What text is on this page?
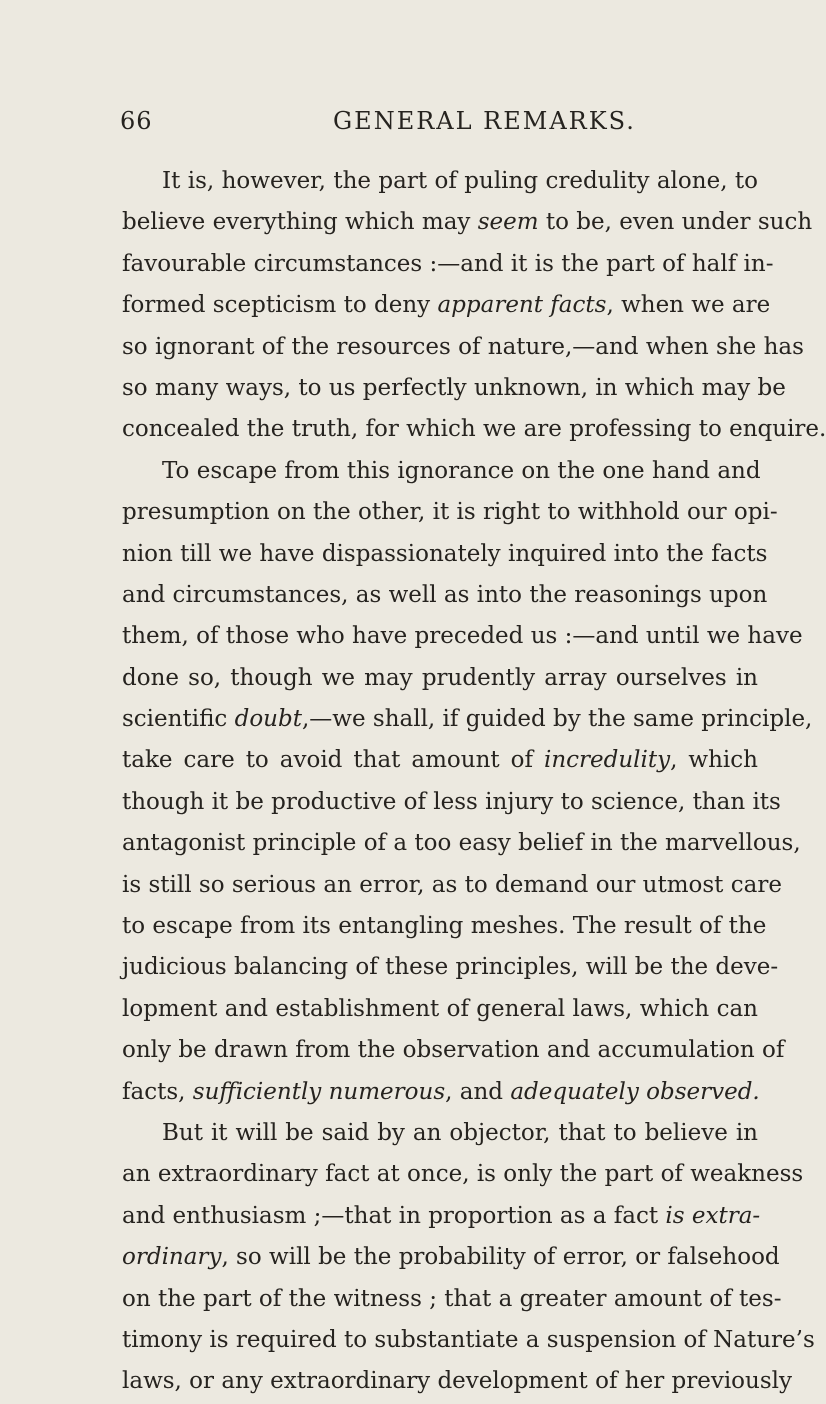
66	GENERAL REMARKS.
It is, however, the part of puling credulity alone, to
believe everything which may seem to be, even under such
favourable circumstances :—and it is the part of half in-
formed scepticism to deny apparent facts, when we are
so ignorant of the resources of nature,—and when she has
so many ways, to us perfectly unknown, in which may be
concealed the truth, for which we are professing to enquire.
To escape from this ignorance on the one hand and
presumption on the other, it is right to withhold our opi-
nion till we have dispassionately inquired into the facts
and circumstances, as well as into the reasonings upon
them, of those who have preceded us :—and until we have
done so, though we may prudently array ourselves in
scientific doubt,—we shall, if guided by the same principle,
take care to avoid that amount of incredulity, which
though it be productive of less injury to science, than its
antagonist principle of a too easy belief in the marvellous,
is still so serious an error, as to demand our utmost care
to escape from its entangling meshes. The result of the
judicious balancing of these principles, will be the deve-
lopment and establishment of general laws, which can
only be drawn from the observation and accumulation of
facts, sufficiently numerous, and adequately observed.
But it will be said by an objector, that to believe in
an extraordinary fact at once, is only the part of weakness
and enthusiasm ;—that in proportion as a fact is extra-
ordinary, so will be the probability of error, or falsehood
on the part of the witness ; that a greater amount of tes-
timony is required to substantiate a suspension of Nature’s
laws, or any extraordinary development of her previously
